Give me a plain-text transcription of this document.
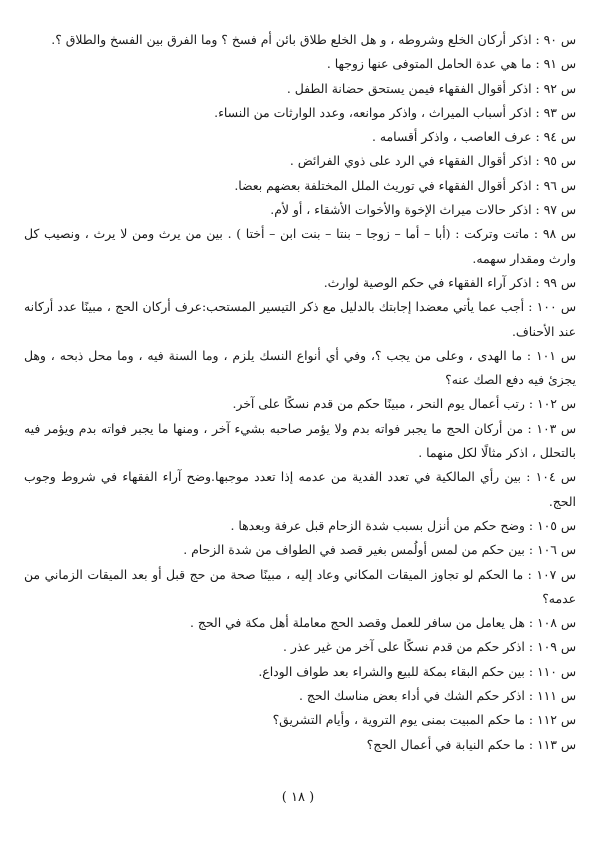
س ٩٠ : اذكر أركان الخلع وشروطه ، و هل الخلع طلاق بائن أم فسخ ؟ وما الفرق بين الفسخ والطلاق ؟.
س ٩١ : ما هي عدة الحامل المتوفى عنها زوجها .
س ٩٢ : اذكر أقوال الفقهاء فيمن يستحق حضانة الطفل .
س ٩٣ : اذكر أسباب الميراث ، واذكر موانعه، وعدد الوارثات من النساء.
س ٩٤ : عرف العاصب ، واذكر أقسامه .
س ٩٥ : اذكر أقوال الفقهاء في الرد على ذوي الفرائض .
س ٩٦ : اذكر أقوال الفقهاء في توريث الملل المختلفة بعضهم بعضا.
س ٩٧ : اذكر حالات ميراث الإخوة والأخوات الأشقاء ، أو لأم.
س ٩٨ : ماتت وتركت : (أبا – أما – زوجا – بنتا – بنت ابن – أختا ) . بين من يرث ومن لا يرث ، ونصيب كل وارث ومقدار سهمه.
س ٩٩ : اذكر آراء الفقهاء في حكم الوصية لوارث.
س ١٠٠ : أجب عما يأتي معضدا إجابتك بالدليل مع ذكر التيسير المستحب:عرف أركان الحج ، مبينًا عدد أركانه عند الأحناف.
س ١٠١ : ما الهدى ، وعلى من يجب ؟، وفي أي أنواع النسك يلزم ، وما السنة فيه ، وما محل ذبحه ، وهل يجزئ فيه دفع الصك عنه؟
س ١٠٢ : رتب أعمال يوم النحر ، مبينًا حكم من قدم نسكًا على آخر.
س ١٠٣ : من أركان الحج ما يجبر فواته بدم ولا يؤمر صاحبه بشيء آخر ، ومنها ما يجبر فواته بدم ويؤمر فيه بالتحلل ، اذكر مثالًا لكل منهما .
س ١٠٤ : بين رأي المالكية في تعدد الفدية من عدمه إذا تعدد موجبها.وضح آراء الفقهاء في شروط وجوب الحج.
س ١٠٥ : وضح حكم من أنزل بسبب شدة الزحام قبل عرفة وبعدها .
س ١٠٦ : بين حكم من لمس أولُمس بغير قصد في الطواف من شدة الزحام .
س ١٠٧ : ما الحكم لو تجاوز الميقات المكاني وعاد إليه ، مبينًا صحة من حج قبل أو بعد الميقات الزماني من عدمه؟
س ١٠٨ : هل يعامل من سافر للعمل وقصد الحج معاملة أهل مكة في الحج .
س ١٠٩ : اذكر حكم من قدم نسكًا على آخر من غير عذر .
س ١١٠ : بين حكم البقاء بمكة للبيع والشراء بعد طواف الوداع.
س ١١١ : اذكر حكم الشك في أداء بعض مناسك الحج .
س ١١٢ : ما حكم المبيت بمنى يوم التروية ، وأيام التشريق؟
س ١١٣ : ما حكم النيابة في أعمال الحج؟
( ١٨ )
